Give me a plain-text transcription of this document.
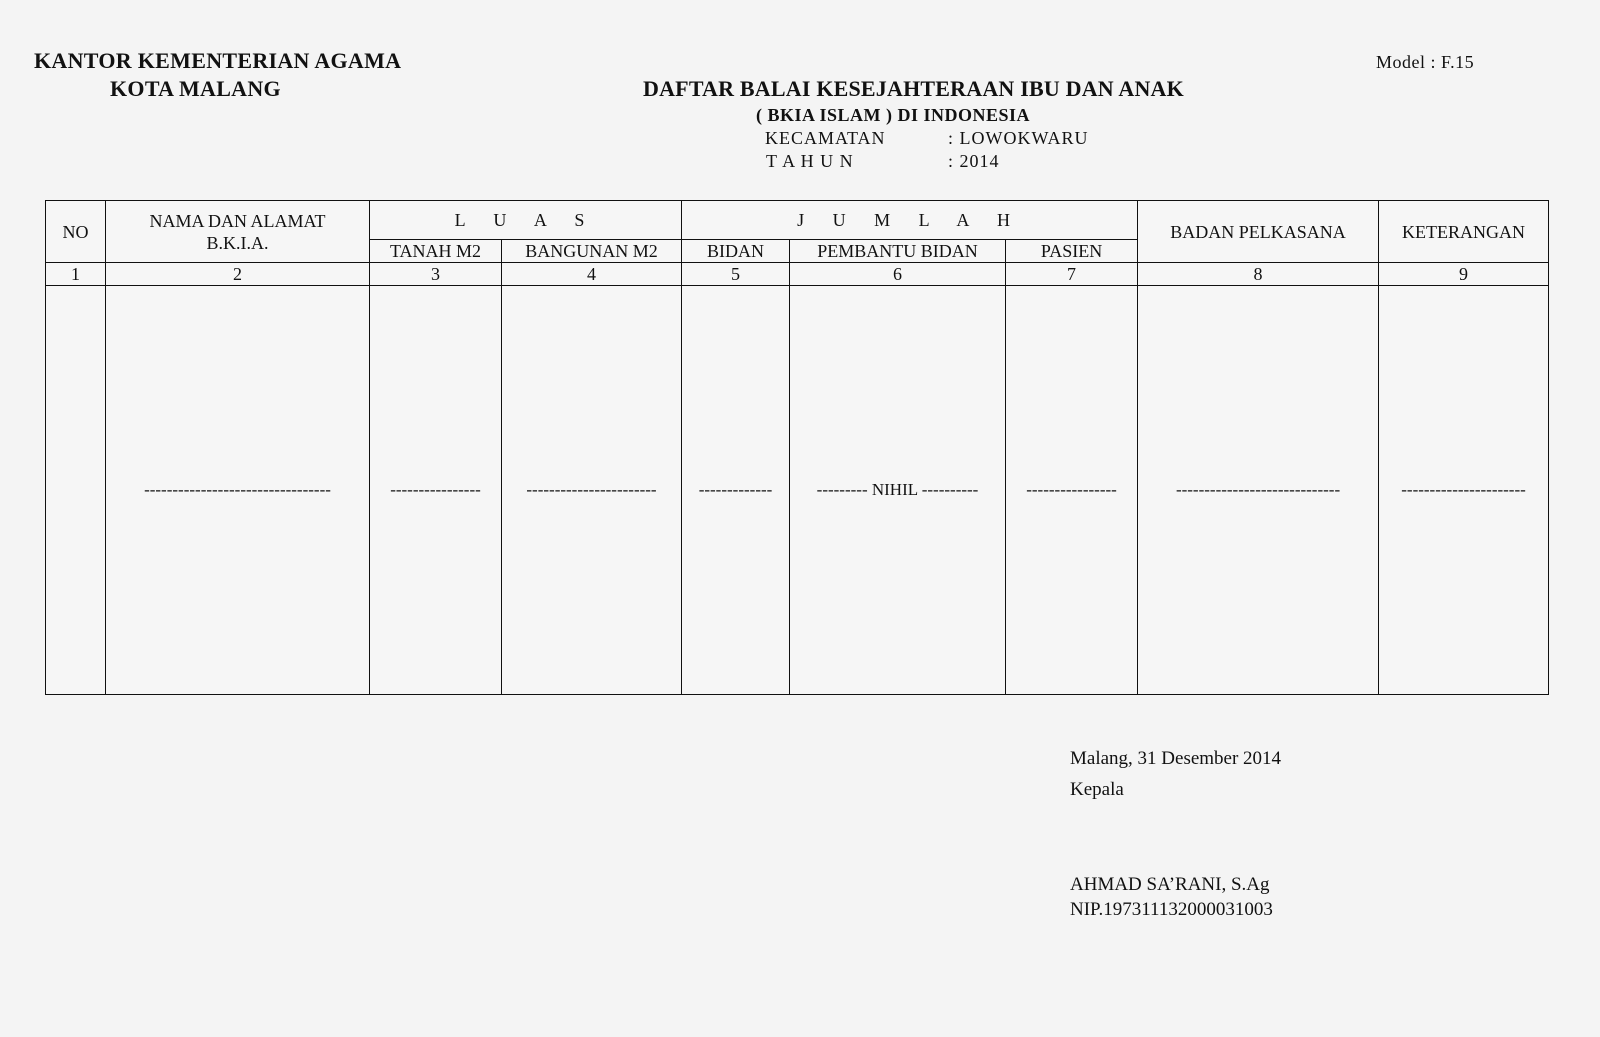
KANTOR KEMENTERIAN AGAMA
KOTA MALANG
Model : F.15
DAFTAR BALAI KESEJAHTERAAN IBU DAN ANAK
( BKIA ISLAM ) DI INDONESIA
KECAMATAN	: LOWOKWARU
T A H U N	: 2014
NO	NAMA DAN ALAMAT
B.K.I.A.	L U A S		J U M L A H			BADAN PELKASANA	KETERANGAN
		TANAH M2	BANGUNAN M2	BIDAN	PEMBANTU BIDAN	PASIEN		
1	2	3	4	5	6	7	8	9
	---------------------------------	----------------	-----------------------	-------------	--------- NIHIL ----------	----------------	-----------------------------	----------------------
Malang, 31 Desember 2014
Kepala
AHMAD SA’RANI, S.Ag
NIP.197311132000031003
